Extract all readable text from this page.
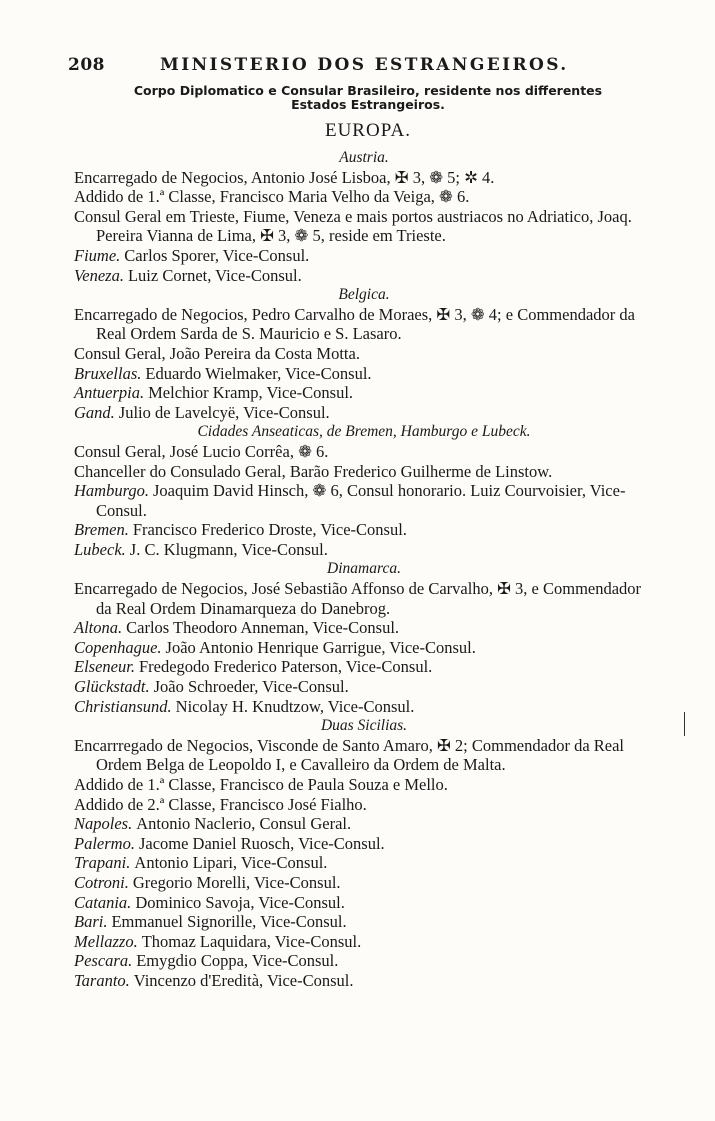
208	MINISTERIO DOS ESTRANGEIROS.
Corpo Diplomatico e Consular Brasileiro, residente nos differentes
Estados Estrangeiros.
EUROPA.
Austria.
Encarregado de Negocios, Antonio José Lisboa, ✠ 3, ❁ 5; ✲ 4.
Addido de 1.ª Classe, Francisco Maria Velho da Veiga, ❁ 6.
Consul Geral em Trieste, Fiume, Veneza e mais portos austriacos no Adriatico, Joaq. Pereira Vianna de Lima, ✠ 3, ❁ 5, reside em Trieste.
Fiume. Carlos Sporer, Vice-Consul.
Veneza. Luiz Cornet, Vice-Consul.
Belgica.
Encarregado de Negocios, Pedro Carvalho de Moraes, ✠ 3, ❁ 4; e Commendador da Real Ordem Sarda de S. Mauricio e S. Lasaro.
Consul Geral, João Pereira da Costa Motta.
Bruxellas. Eduardo Wielmaker, Vice-Consul.
Antuerpia. Melchior Kramp, Vice-Consul.
Gand. Julio de Lavelcyë, Vice-Consul.
Cidades Anseaticas, de Bremen, Hamburgo e Lubeck.
Consul Geral, José Lucio Corrêa, ❁ 6.
Chanceller do Consulado Geral, Barão Frederico Guilherme de Linstow.
Hamburgo. Joaquim David Hinsch, ❁ 6, Consul honorario. Luiz Courvoisier, Vice-Consul.
Bremen. Francisco Frederico Droste, Vice-Consul.
Lubeck. J. C. Klugmann, Vice-Consul.
Dinamarca.
Encarregado de Negocios, José Sebastião Affonso de Carvalho, ✠ 3, e Commendador da Real Ordem Dinamarqueza do Danebrog.
Altona. Carlos Theodoro Anneman, Vice-Consul.
Copenhague. João Antonio Henrique Garrigue, Vice-Consul.
Elseneur. Fredegodo Frederico Paterson, Vice-Consul.
Glückstadt. João Schroeder, Vice-Consul.
Christiansund. Nicolay H. Knudtzow, Vice-Consul.
Duas Sicilias.
Encarrregado de Negocios, Visconde de Santo Amaro, ✠ 2; Commendador da Real Ordem Belga de Leopoldo I, e Cavalleiro da Ordem de Malta.
Addido de 1.ª Classe, Francisco de Paula Souza e Mello.
Addido de 2.ª Classe, Francisco José Fialho.
Napoles. Antonio Naclerio, Consul Geral.
Palermo. Jacome Daniel Ruosch, Vice-Consul.
Trapani. Antonio Lipari, Vice-Consul.
Cotroni. Gregorio Morelli, Vice-Consul.
Catania. Dominico Savoja, Vice-Consul.
Bari. Emmanuel Signorille, Vice-Consul.
Mellazzo. Thomaz Laquidara, Vice-Consul.
Pescara. Emygdio Coppa, Vice-Consul.
Taranto. Vincenzo d'Eredità, Vice-Consul.
